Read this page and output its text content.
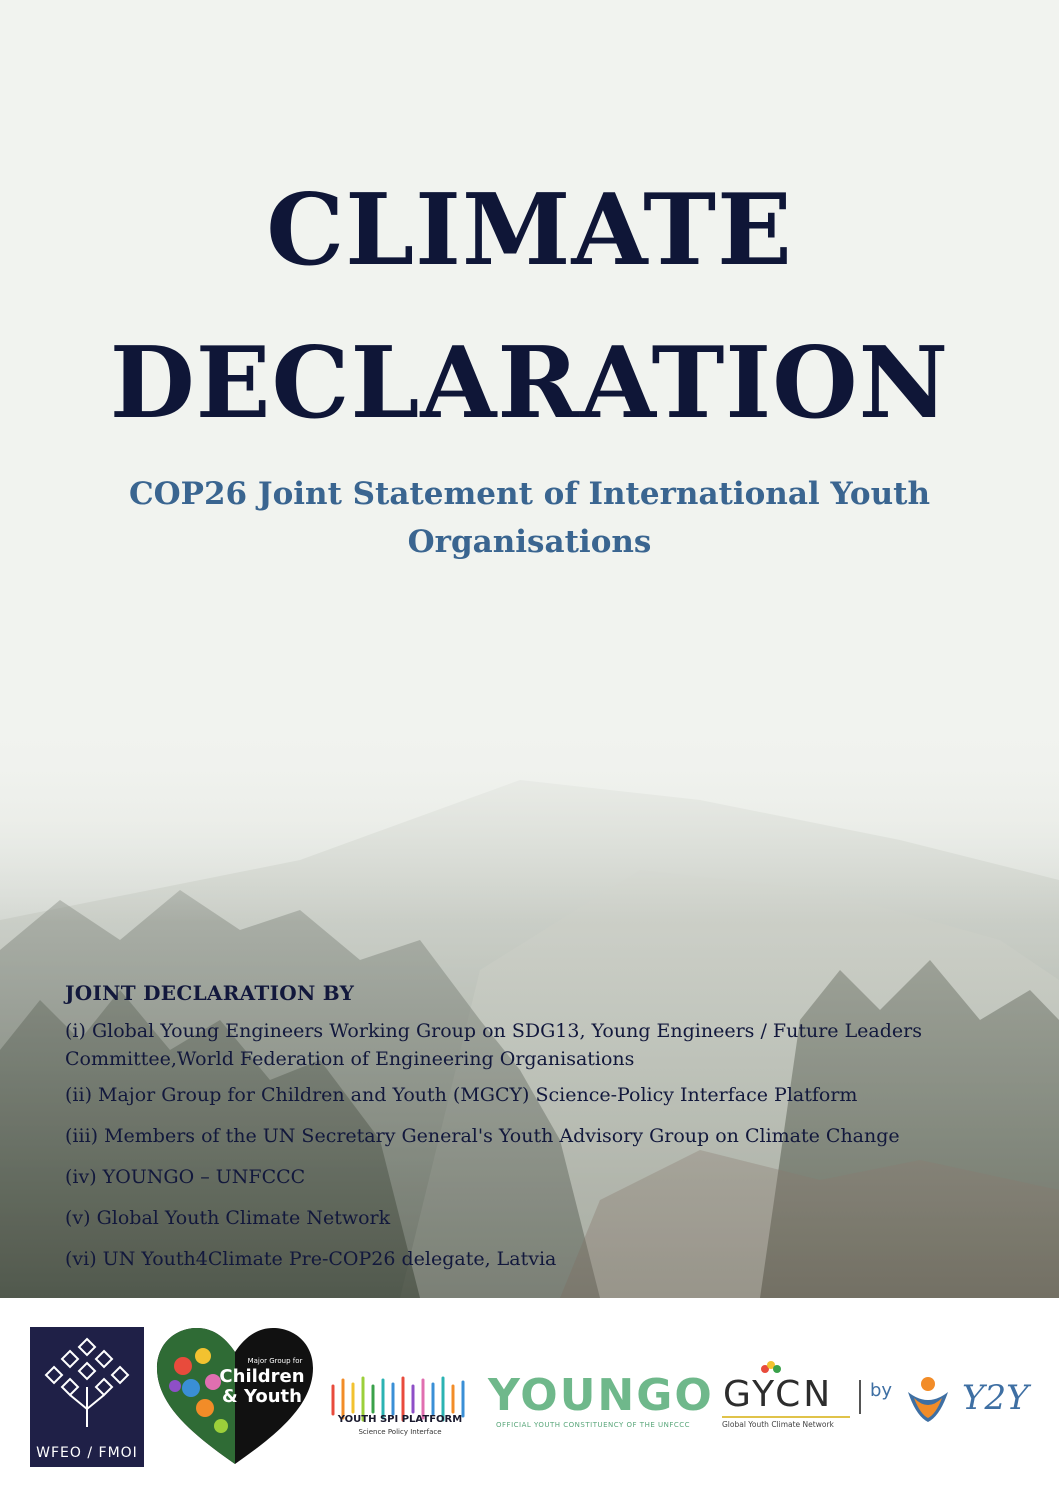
CLIMATE
DECLARATION
COP26 Joint Statement of International Youth Organisations
JOINT DECLARATION BY
(i) Global Young Engineers Working Group on SDG13, Young Engineers / Future Leaders Committee,World Federation of Engineering Organisations
(ii) Major Group for Children and Youth (MGCY) Science-Policy Interface Platform
(iii) Members of the UN Secretary General's Youth Advisory Group on Climate Change
(iv) YOUNGO – UNFCCC
(v) Global Youth Climate Network
(vi) UN Youth4Climate Pre-COP26 delegate, Latvia
WFEO / FMOI
Major Group for
Children & Youth
YOUTH SPI PLATFORM
Science Policy Interface
YOUNGO
OFFICIAL YOUTH CONSTITUENCY OF THE UNFCCC
GYCN
Global Youth Climate Network
by Y2Y
